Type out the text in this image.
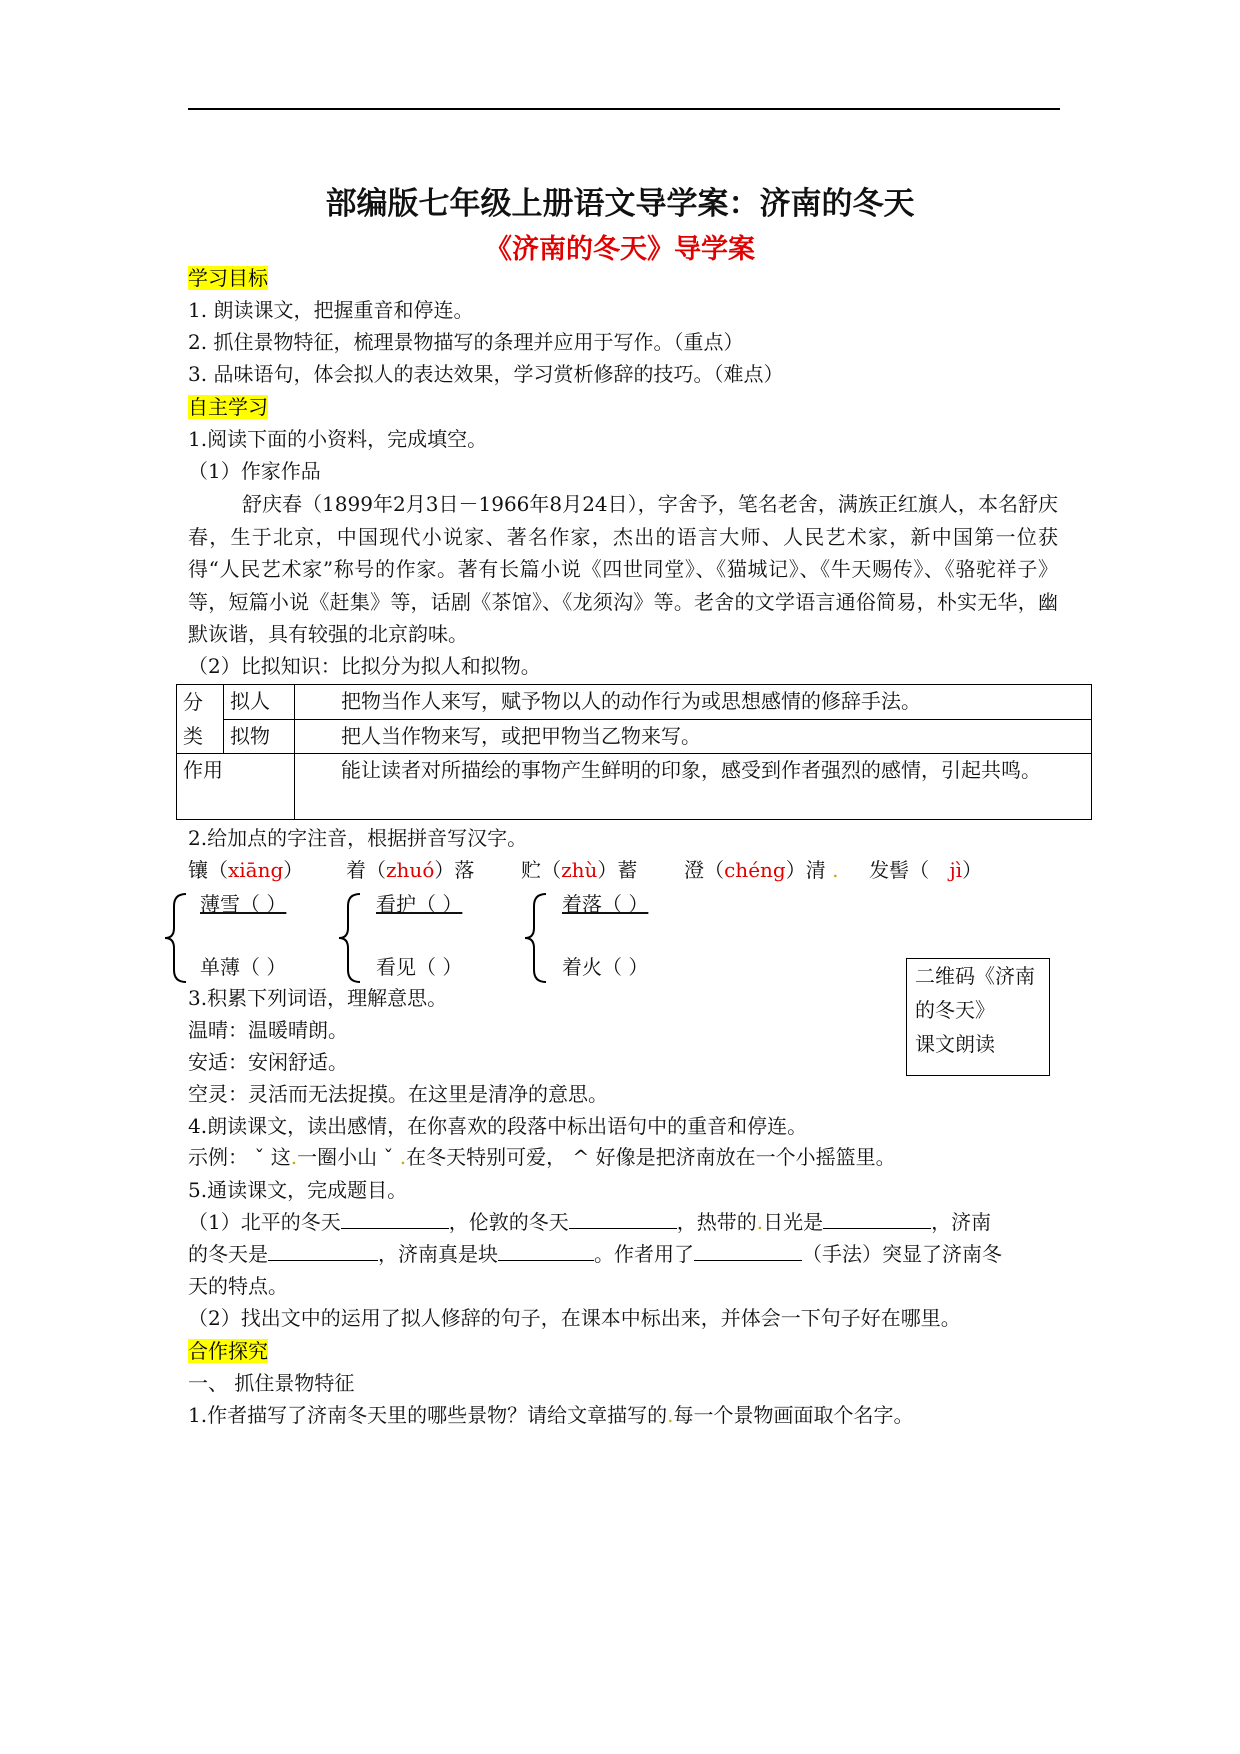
部编版七年级上册语文导学案：济南的冬天
《济南的冬天》导学案
学习目标
1. 朗读课文，把握重音和停连。
2. 抓住景物特征，梳理景物描写的条理并应用于写作。（重点）
3. 品味语句，体会拟人的表达效果，学习赏析修辞的技巧。（难点）
自主学习
1.阅读下面的小资料，完成填空。
（1）作家作品
舒庆春（1899年2月3日－1966年8月24日），字舍予，笔名老舍，满族正红旗人，本名舒庆春，生于北京，中国现代小说家、著名作家，杰出的语言大师、人民艺术家，新中国第一位获得“人民艺术家”称号的作家。著有长篇小说《四世同堂》、《猫城记》、《牛天赐传》、《骆驼祥子》等，短篇小说《赶集》等，话剧《茶馆》、《龙须沟》等。老舍的文学语言通俗简易，朴实无华，幽默诙谐，具有较强的北京韵味。
（2）比拟知识：比拟分为拟人和拟物。
分
类	拟人	把物当作人来写，赋予物以人的动作行为或思想感情的修辞手法。
	拟物	把人当作物来写，或把甲物当乙物来写。
作用		能让读者对所描绘的事物产生鲜明的印象，感受到作者强烈的感情，引起共鸣。
2.给加点的字注音，根据拼音写汉字。
镶（xiāng） 着（zhuó）落 贮（zhù）蓄 澄（chéng）清 . 发髻（ jì）
薄雪（ ）
单薄（ ）
看护（ ）
看见（ ）
着落（ ）
着火（ ）	二维码《济南
的冬天》
课文朗读
3.积累下列词语，理解意思。
温晴：温暖晴朗。
安适：安闲舒适。
空灵：灵活而无法捉摸。在这里是清净的意思。
4.朗读课文，读出感情，在你喜欢的段落中标出语句中的重音和停连。
示例： ˇ 这.一圈小山 ˇ .在冬天特别可爱， ^ 好像是把济南放在一个小摇篮里。
5.通读课文，完成题目。
（1）北平的冬天	，伦敦的冬天	，热带的.日光是	，济南
的冬天是	，济南真是块	。作者用了	（手法）突显了济南冬
天的特点。
（2）找出文中的运用了拟人修辞的句子，在课本中标出来，并体会一下句子好在哪里。
合作探究
一、 抓住景物特征
1.作者描写了济南冬天里的哪些景物？请给文章描写的.每一个景物画面取个名字。
